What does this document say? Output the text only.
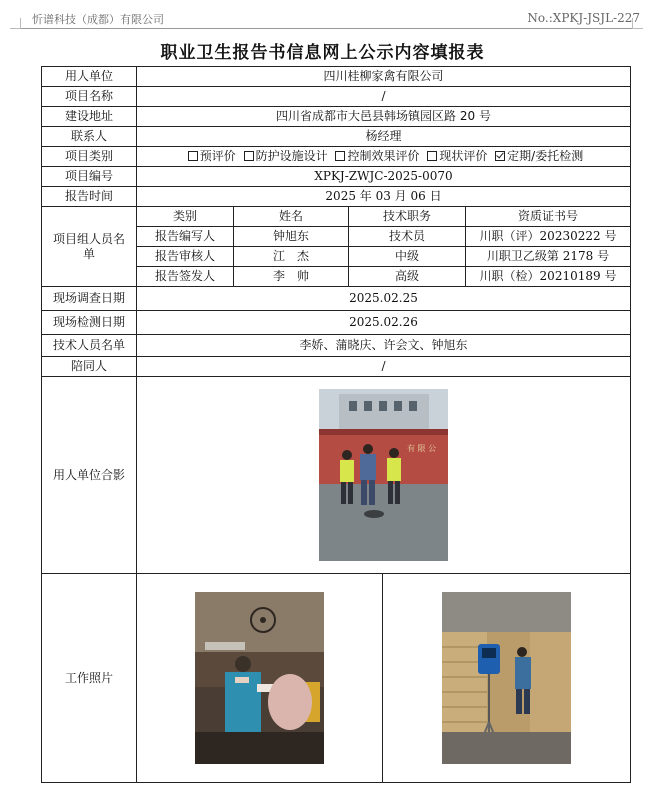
忻谱科技（成都）有限公司	No.:XPKJ-JSJL-227
职业卫生报告书信息网上公示内容填报表
用人单位	四川桂柳家禽有限公司				
项目名称	/				
建设地址	四川省成都市大邑县韩场镇园区路 20 号				
联系人	杨经理				
项目类别	预评价 防护设施设计 控制效果评价 现状评价 定期/委托检测				
项目编号	XPKJ-ZWJC-2025-0070				
报告时间	2025 年 03 月 06 日				
项目组人员名单	类别	姓名	技术职务		资质证书号
	报告编写人	钟旭东	技术员		川职（评）20230222 号
	报告审核人	江　杰	中级		川职卫乙级第 2178 号
	报告签发人	李　帅	高级		川职（检）20210189 号
现场调查日期	2025.02.25				
现场检测日期	2025.02.26				
技术人员名单	李娇、蒲晓庆、许会文、钟旭东				
陪同人	/				
用人单位合影	有 限 公				

工作照片	
